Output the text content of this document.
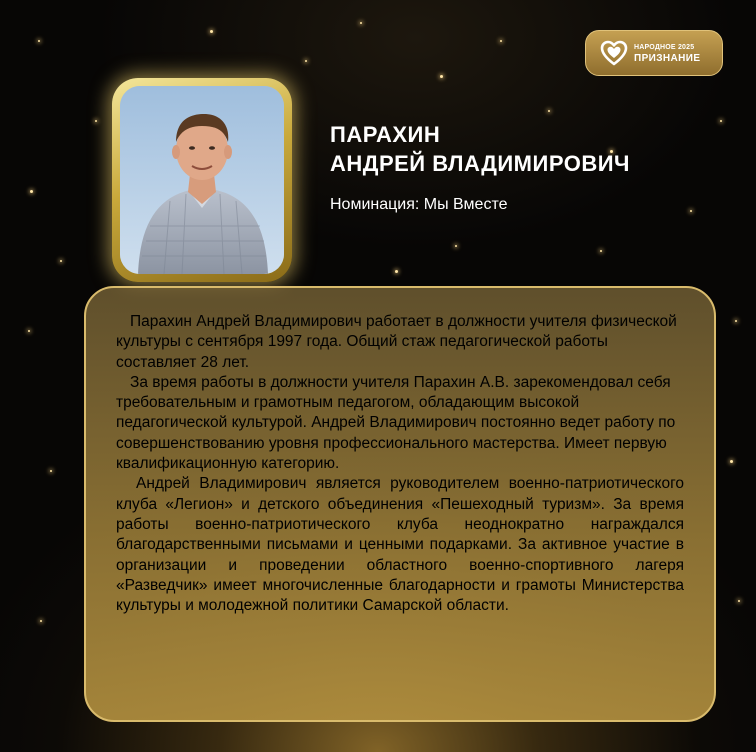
НАРОДНОЕ 2025
ПРИЗНАНИЕ
ПАРАХИН
АНДРЕЙ ВЛАДИМИРОВИЧ
Номинация: Мы Вместе

Парахин Андрей Владимирович работает в должности учителя физической культуры с сентября 1997 года. Общий стаж педагогической работы составляет 28 лет.

За время работы в должности учителя Парахин А.В. зарекомендовал себя требовательным и грамотным педагогом, обладающим высокой педагогической культурой. Андрей Владимирович постоянно ведет работу по совершенствованию уровня профессионального мастерства. Имеет первую квалификационную категорию.

Андрей Владимирович является руководителем военно-патриотического клуба «Легион» и детского объединения «Пешеходный туризм». За время работы военно-патриотического клуба неоднократно награждался благодарственными письмами и ценными подарками. За активное участие в организации и проведении областного военно-спортивного лагеря «Разведчик» имеет многочисленные благодарности и грамоты Министерства культуры и молодежной политики Самарской области.
